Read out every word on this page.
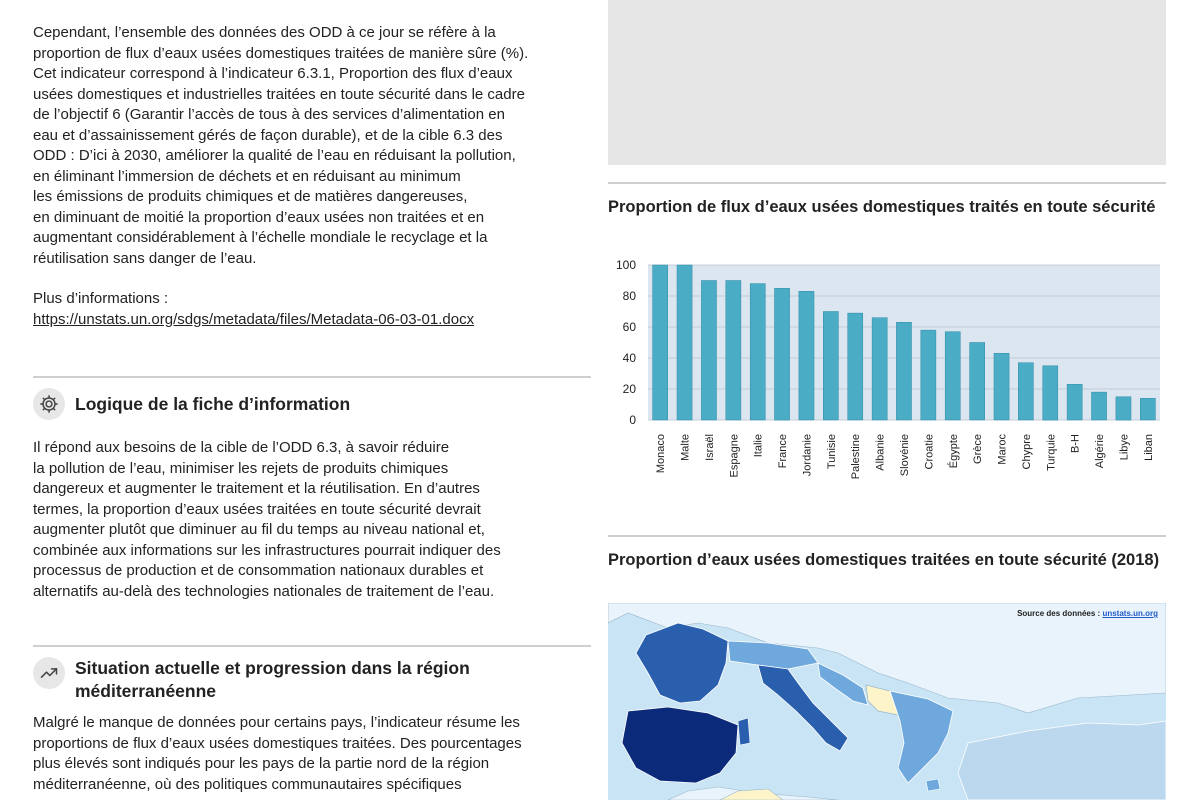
Cependant, l’ensemble des données des ODD à ce jour se réfère à la

proportion de flux d’eaux usées domestiques traitées de manière sûre (%).

Cet indicateur correspond à l’indicateur 6.3.1, Proportion des flux d’eaux

usées domestiques et industrielles traitées en toute sécurité dans le cadre

de l’objectif 6 (Garantir l’accès de tous à des services d’alimentation en

eau et d’assainissement gérés de façon durable), et de la cible 6.3 des

ODD : D’ici à 2030, améliorer la qualité de l’eau en réduisant la pollution,

en éliminant l’immersion de déchets et en réduisant au minimum

les émissions de produits chimiques et de matières dangereuses,

en diminuant de moitié la proportion d’eaux usées non traitées et en

augmentant considérablement à l’échelle mondiale le recyclage et la

réutilisation sans danger de l’eau.

Plus d’informations :

https://unstats.un.org/sdgs/metadata/files/Metadata-06-03-01.docx

Logique de la fiche d’information

Il répond aux besoins de la cible de l’ODD 6.3, à savoir réduire

la pollution de l’eau, minimiser les rejets de produits chimiques

dangereux et augmenter le traitement et la réutilisation. En d’autres

termes, la proportion d’eaux usées traitées en toute sécurité devrait

augmenter plutôt que diminuer au fil du temps au niveau national et,

combinée aux informations sur les infrastructures pourrait indiquer des

processus de production et de consommation nationaux durables et

alternatifs au-delà des technologies nationales de traitement de l’eau.

Situation actuelle et progression dans la région
méditerranéenne

Malgré le manque de données pour certains pays, l’indicateur résume les

proportions de flux d’eaux usées domestiques traitées. Des pourcentages

plus élevés sont indiqués pour les pays de la partie nord de la région

méditerranéenne, où des politiques communautaires spécifiques

Proportion de flux d’eaux usées domestiques traités en toute sécurité
0
20
40
60
80
100
Monaco Malte Israël Espagne Italie France Jordanie Tunisie Palestine Albanie Slovénie Croatie Égypte Grèce Maroc Chypre Turquie B-H Algérie Libye Liban
Proportion d’eaux usées domestiques traitées en toute sécurité (2018)
Source des données : unstats.un.org
